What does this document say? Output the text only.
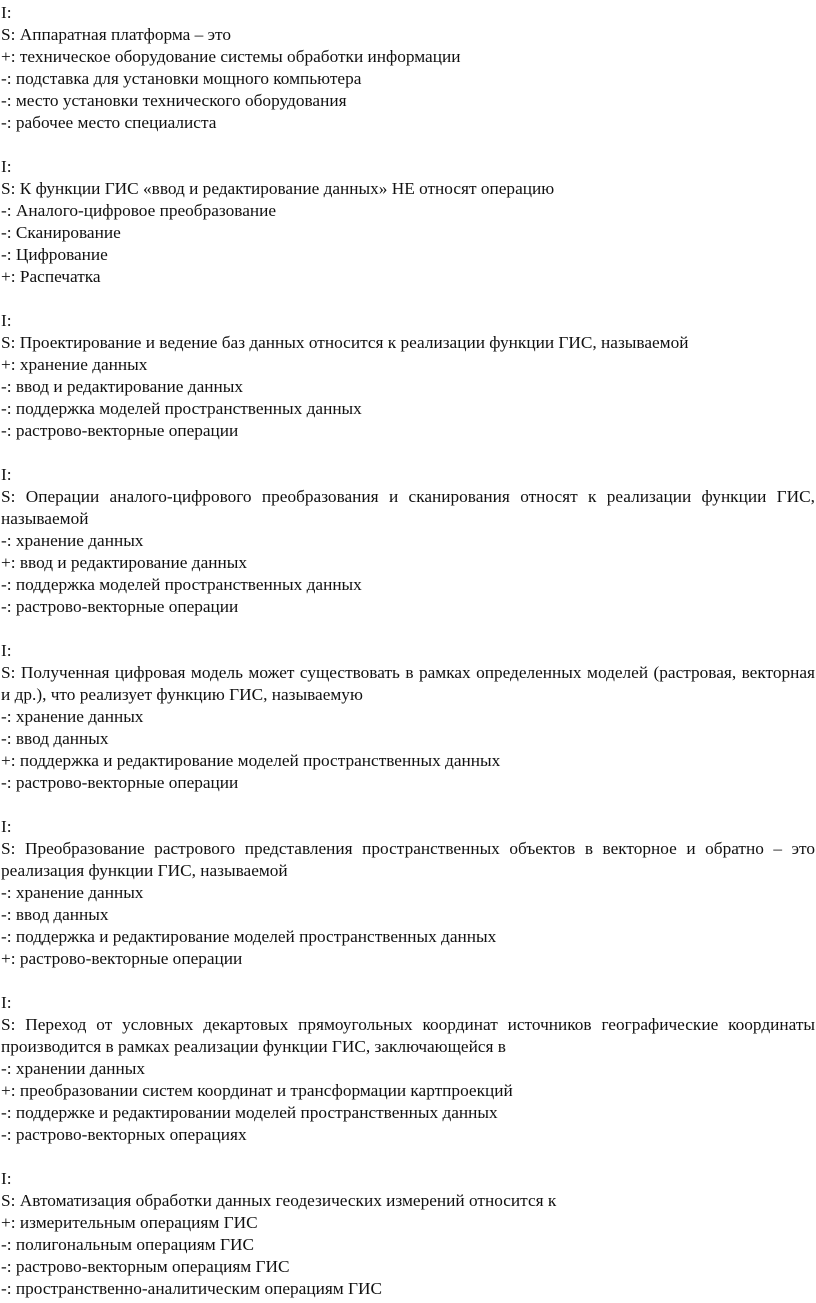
I:
S: Аппаратная платформа – это
+: техническое оборудование системы обработки информации
-: подставка для установки мощного компьютера
-: место установки технического оборудования
-: рабочее место специалиста
I:
S: К функции ГИС «ввод и редактирование данных» НЕ относят операцию
-: Аналого-цифровое преобразование
-: Сканирование
-: Цифрование
+: Распечатка
I:
S: Проектирование и ведение баз данных относится к реализации функции ГИС, называемой
+: хранение данных
-: ввод и редактирование данных
-: поддержка моделей пространственных данных
-: растрово-векторные операции
I:
S: Операции аналого-цифрового преобразования и сканирования относят к реализации функции ГИС, называемой
-: хранение данных
+: ввод и редактирование данных
-: поддержка моделей пространственных данных
-: растрово-векторные операции
I:
S: Полученная цифровая модель может существовать в рамках определенных моделей (растровая, векторная и др.), что реализует функцию ГИС, называемую
-: хранение данных
-: ввод данных
+: поддержка и редактирование моделей пространственных данных
-: растрово-векторные операции
I:
S: Преобразование растрового представления пространственных объектов в векторное и обратно – это реализация функции ГИС, называемой
-: хранение данных
-: ввод данных
-: поддержка и редактирование моделей пространственных данных
+: растрово-векторные операции
I:
S: Переход от условных декартовых прямоугольных координат источников географические координаты производится в рамках реализации функции ГИС, заключающейся в
-: хранении данных
+: преобразовании систем координат и трансформации картпроекций
-: поддержке и редактировании моделей пространственных данных
-: растрово-векторных операциях
I:
S: Автоматизация обработки данных геодезических измерений относится к
+: измерительным операциям ГИС
-: полигональным операциям ГИС
-: растрово-векторным операциям ГИС
-: пространственно-аналитическим операциям ГИС
